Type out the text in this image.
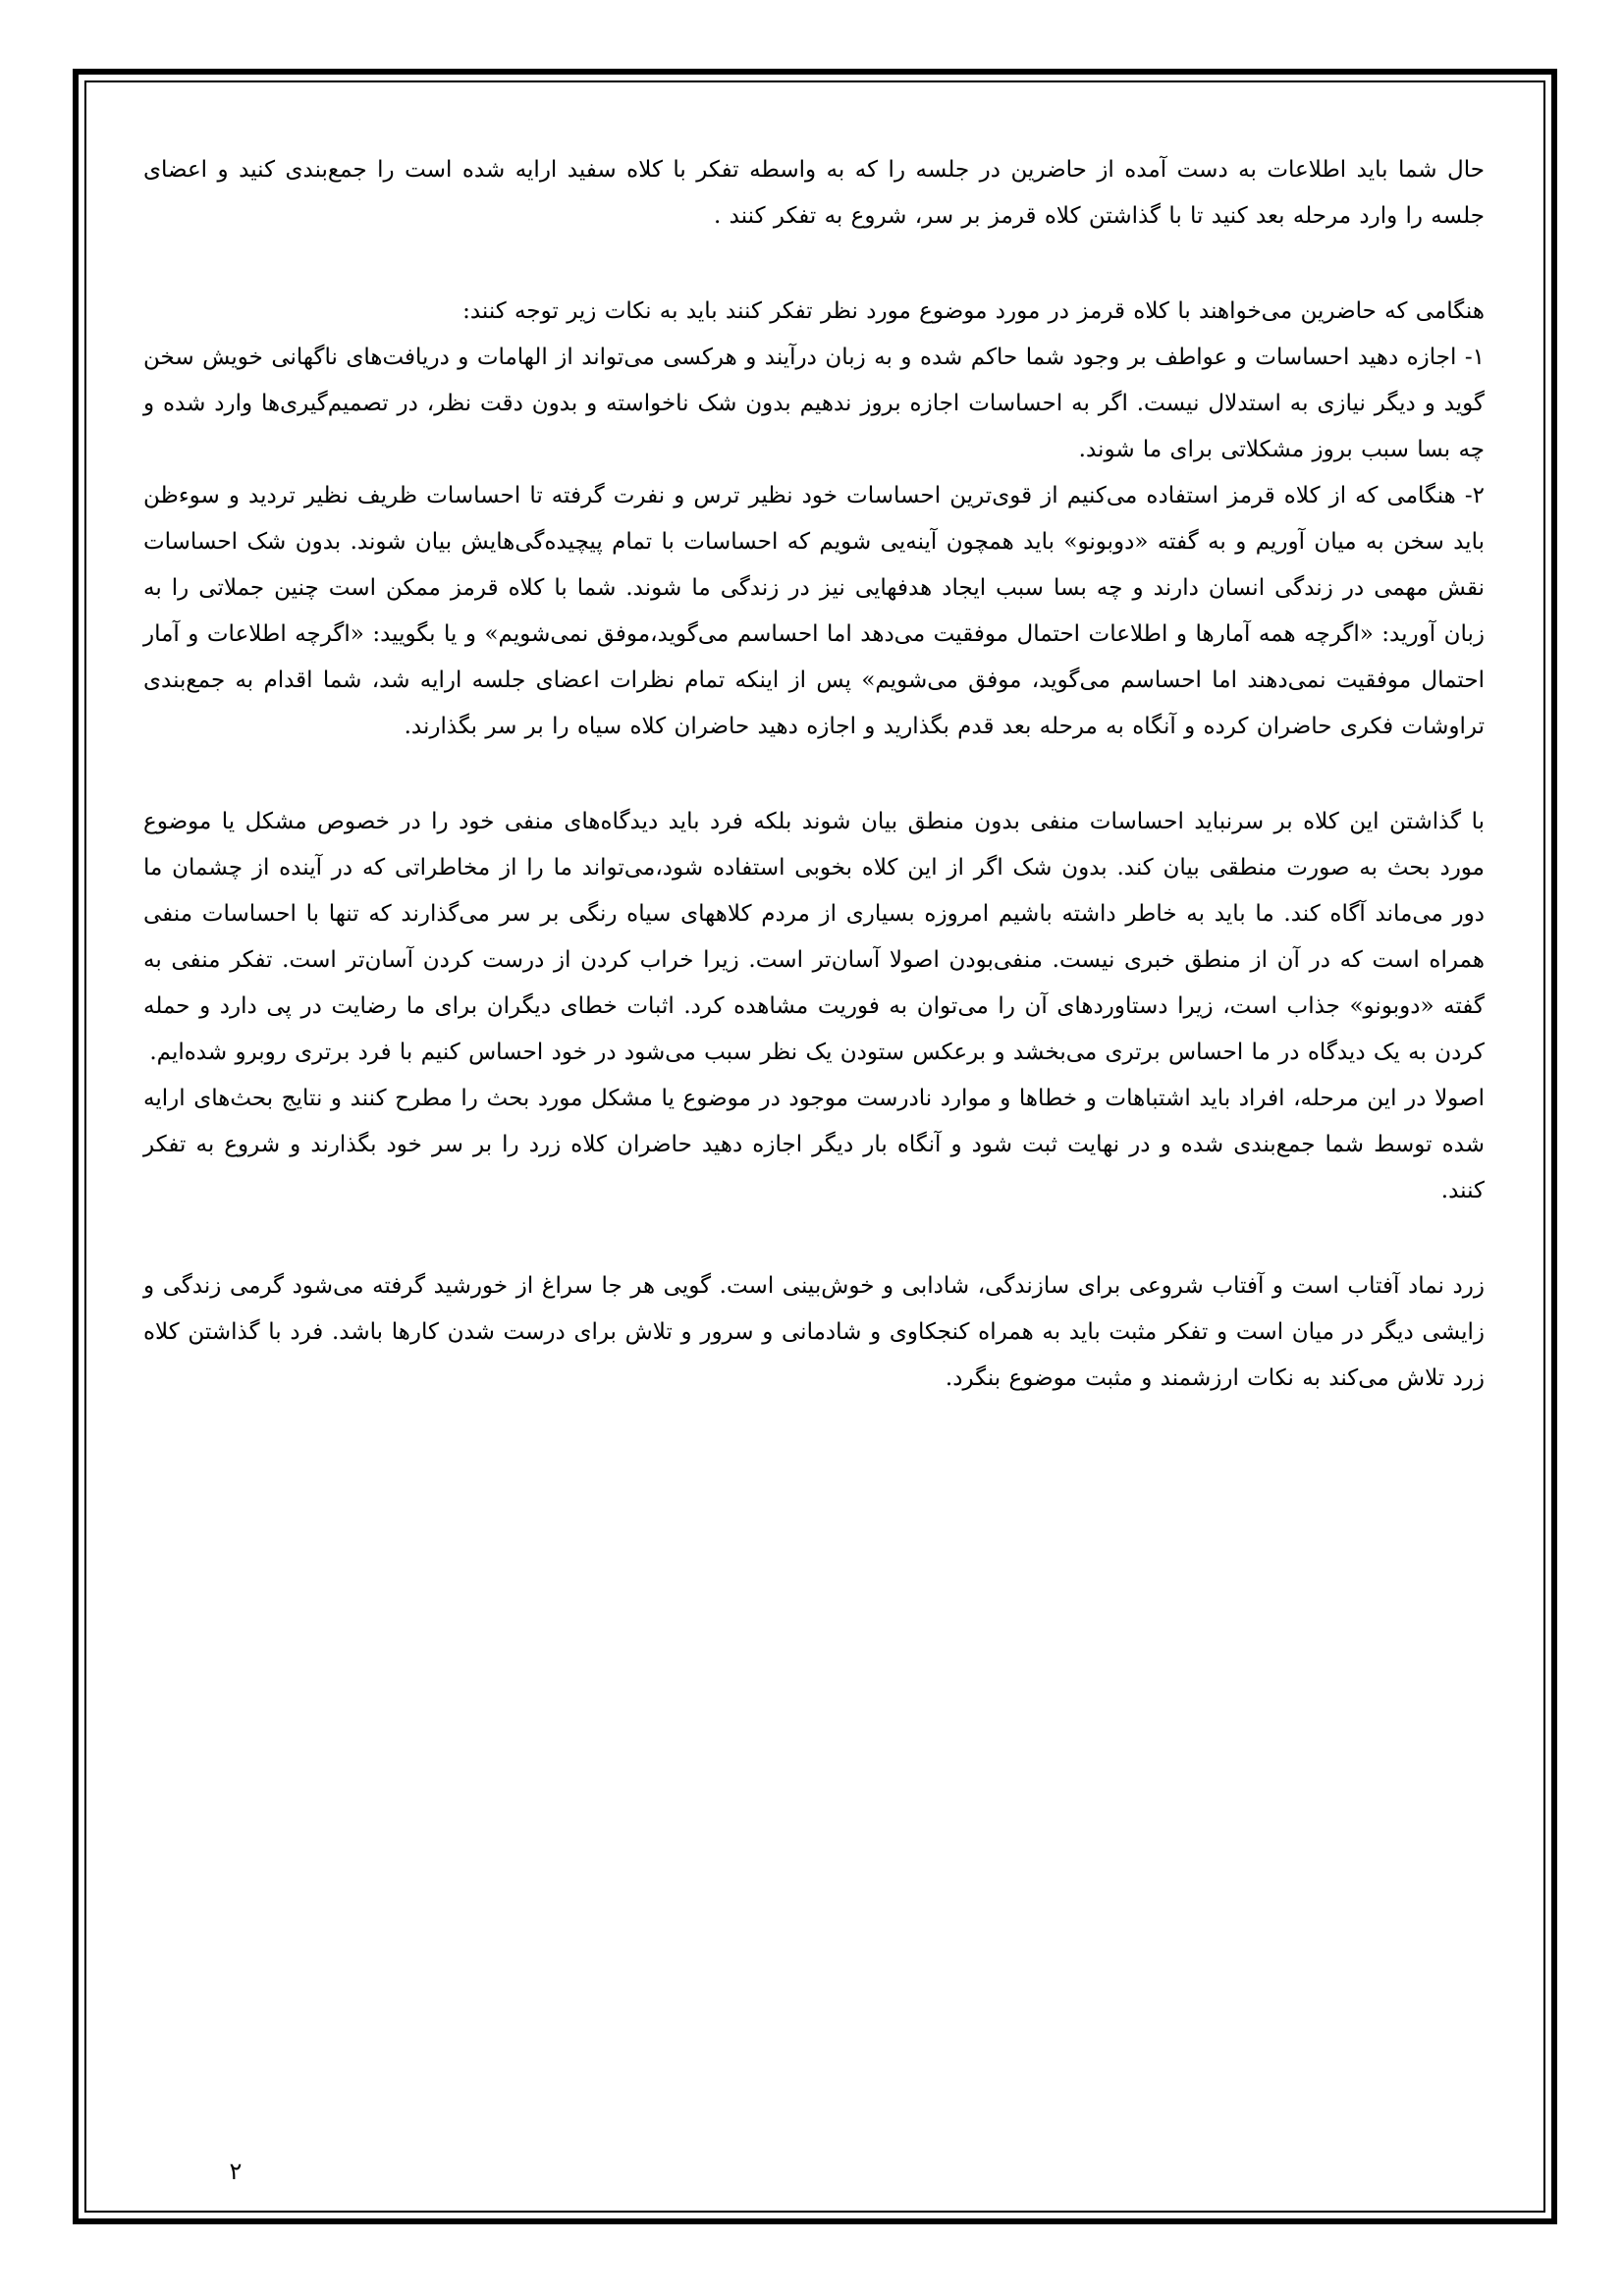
حال شما باید اطلاعات به دست آمده از حاضرین در جلسه را که به واسطه تفکر با کلاه سفید ارایه شده است را جمع‌بندی کنید و اعضای جلسه را وارد مرحله بعد کنید تا با گذاشتن کلاه قرمز بر سر، شروع به تفکر کنند .

هنگامی که حاضرین می‌خواهند با کلاه قرمز در مورد موضوع مورد نظر تفکر کنند باید به نکات زیر توجه کنند:

۱- اجازه دهید احساسات و عواطف بر وجود شما حاکم شده و به زبان درآیند و هرکسی می‌تواند از الهامات و دریافت‌های ناگهانی خویش سخن گوید و دیگر نیازی به استدلال نیست. اگر به احساسات اجازه بروز ندهیم بدون شک ناخواسته و بدون دقت نظر، در تصمیم‌گیری‌ها وارد شده و چه بسا سبب بروز مشکلاتی برای ما شوند.

۲- هنگامی که از کلاه قرمز استفاده می‌کنیم از قوی‌ترین احساسات خود نظیر ترس و نفرت گرفته تا احساسات ظریف نظیر تردید و سوءظن باید سخن به میان آوریم و به گفته «دوبونو» باید همچون آینه‌یی شویم که احساسات با تمام پیچیده‌گی‌هایش بیان شوند. بدون شک احساسات نقش مهمی در زندگی انسان دارند و چه بسا سبب ایجاد هدفهایی نیز در زندگی ما شوند. شما با کلاه قرمز ممکن است چنین جملاتی را به زبان آورید: «اگرچه همه آمارها و اطلاعات احتمال موفقیت می‌دهد اما احساسم می‌گوید،موفق نمی‌شویم» و یا بگویید: «اگرچه اطلاعات و آمار احتمال موفقیت نمی‌دهند اما احساسم می‌گوید، موفق می‌شویم» پس از اینکه تمام نظرات اعضای جلسه ارایه شد، شما اقدام به جمع‌بندی تراوشات فکری حاضران کرده و آنگاه به مرحله بعد قدم بگذارید و اجازه دهید حاضران کلاه سیاه را بر سر بگذارند.

با گذاشتن این کلاه بر سرنباید احساسات منفی بدون منطق بیان شوند بلکه فرد باید دیدگاه‌های منفی خود را در خصوص مشکل یا موضوع مورد بحث به صورت منطقی بیان کند. بدون شک اگر از این کلاه بخوبی استفاده شود،می‌تواند ما را از مخاطراتی که در آینده از چشمان ما دور می‌ماند آگاه کند. ما باید به خاطر داشته باشیم امروزه بسیاری از مردم کلاههای سیاه رنگی بر سر می‌گذارند که تنها با احساسات منفی همراه است که در آن از منطق خبری نیست. منفی‌بودن اصولا آسان‌تر است. زیرا خراب کردن از درست کردن آسان‌تر است. تفکر منفی به گفته «دوبونو» جذاب است، زیرا دستاوردهای آن را می‌توان به فوریت مشاهده کرد. اثبات خطای دیگران برای ما رضایت در پی دارد و حمله کردن به یک دیدگاه در ما احساس برتری می‌بخشد و برعکس ستودن یک نظر سبب می‌شود در خود احساس کنیم با فرد برتری روبرو شده‌ایم.

اصولا در این مرحله، افراد باید اشتباهات و خطاها و موارد نادرست موجود در موضوع یا مشکل مورد بحث را مطرح کنند و نتایج بحث‌های ارایه شده توسط شما جمع‌بندی شده و در نهایت ثبت شود و آنگاه بار دیگر اجازه دهید حاضران کلاه زرد را بر سر خود بگذارند و شروع به تفکر کنند.

زرد نماد آفتاب است و آفتاب شروعی برای سازندگی، شادابی و خوش‌بینی است. گویی هر جا سراغ از خورشید گرفته می‌شود گرمی زندگی و زایشی دیگر در میان است و تفکر مثبت باید به همراه کنجکاوی و شادمانی و سرور و تلاش برای درست شدن کارها باشد. فرد با گذاشتن کلاه زرد تلاش می‌کند به نکات ارزشمند و مثبت موضوع بنگرد.

۲
